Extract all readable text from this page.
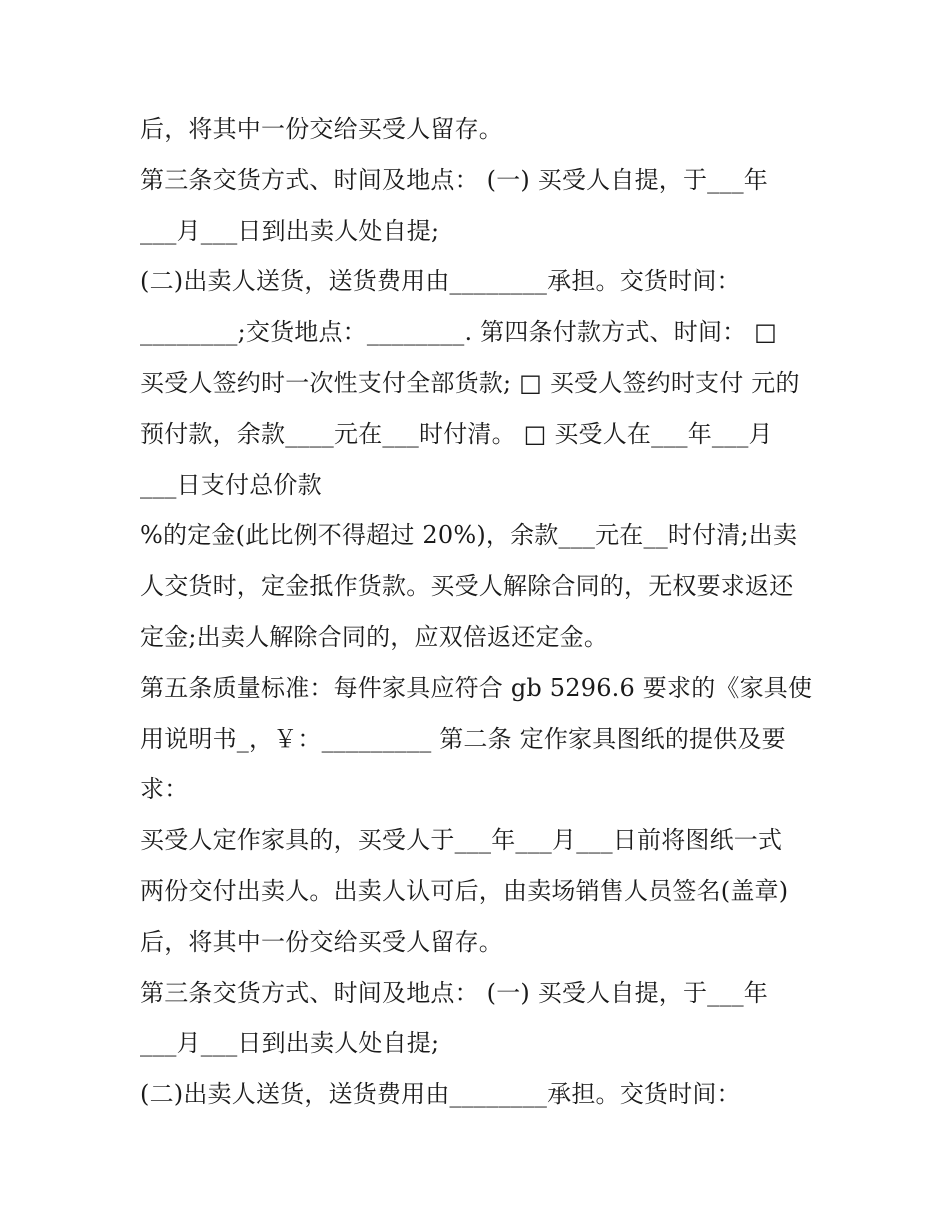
后，将其中一份交给买受人留存。
第三条交货方式、时间及地点： (一) 买受人自提，于___年
___月___日到出卖人处自提;
(二)出卖人送货，送货费用由________承担。交货时间：
________;交货地点：________. 第四条付款方式、时间： □
买受人签约时一次性支付全部货款; □ 买受人签约时支付 元的
预付款，余款____元在___时付清。 □ 买受人在___年___月
___日支付总价款
%的定金(此比例不得超过 20%)，余款___元在__时付清;出卖
人交货时，定金抵作货款。买受人解除合同的，无权要求返还
定金;出卖人解除合同的，应双倍返还定金。
第五条质量标准：每件家具应符合 gb 5296.6 要求的《家具使
用说明书_，￥：_________ 第二条 定作家具图纸的提供及要
求：
买受人定作家具的，买受人于___年___月___日前将图纸一式
两份交付出卖人。出卖人认可后，由卖场销售人员签名(盖章)
后，将其中一份交给买受人留存。
第三条交货方式、时间及地点： (一) 买受人自提，于___年
___月___日到出卖人处自提;
(二)出卖人送货，送货费用由________承担。交货时间：
